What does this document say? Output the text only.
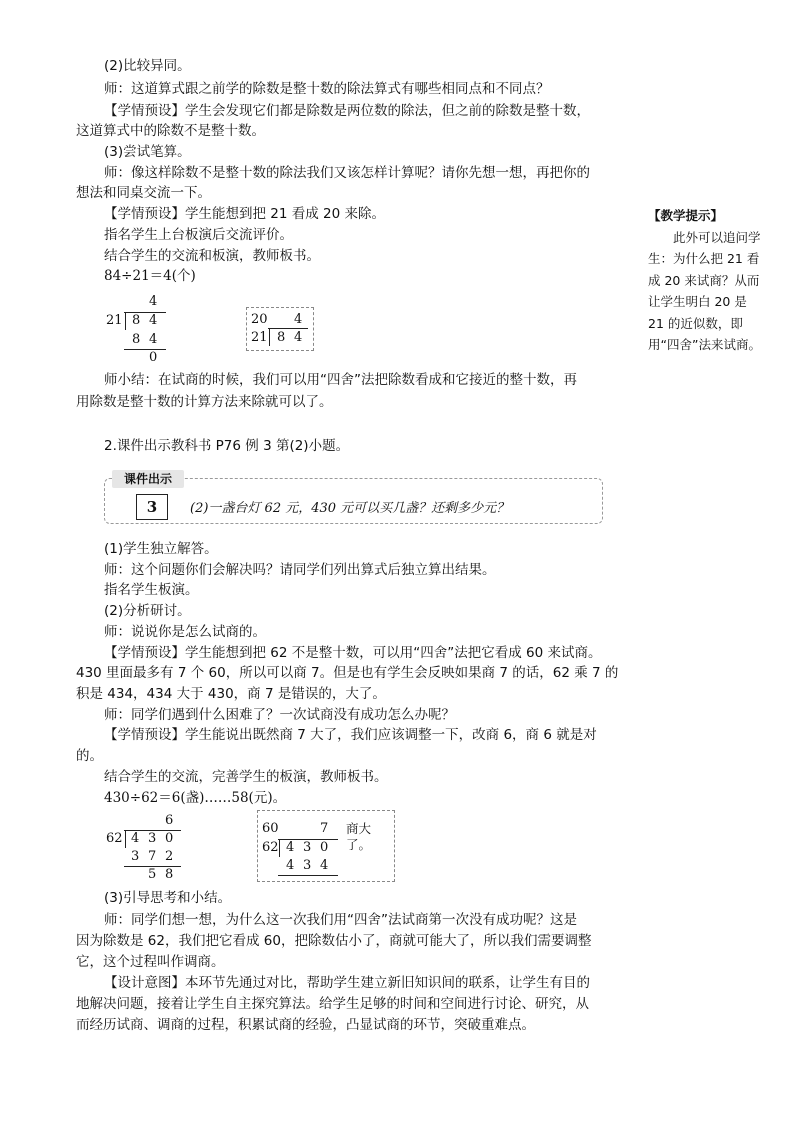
(2)比较异同。
师：这道算式跟之前学的除数是整十数的除法算式有哪些相同点和不同点？
【学情预设】学生会发现它们都是除数是两位数的除法，但之前的除数是整十数，
这道算式中的除数不是整十数。
(3)尝试笔算。
师：像这样除数不是整十数的除法我们又该怎样计算呢？请你先想一想，再把你的
想法和同桌交流一下。
【学情预设】学生能想到把 21 看成 20 来除。
指名学生上台板演后交流评价。
结合学生的交流和板演，教师板书。
84÷21＝4(个)
4
21 8 4
8 4
0
20 4
21 8 4
师小结：在试商的时候，我们可以用“四舍”法把除数看成和它接近的整十数，再
用除数是整十数的计算方法来除就可以了。
【教学提示】
此外可以追问学生：为什么把 21 看成 20 来试商？从而让学生明白 20 是 21 的近似数，即用“四舍”法来试商。
2.课件出示教科书 P76 例 3 第(2)小题。
课件出示
3	(2)一盏台灯 62 元，430 元可以买几盏？还剩多少元？
(1)学生独立解答。
师：这个问题你们会解决吗？请同学们列出算式后独立算出结果。
指名学生板演。
(2)分析研讨。
师：说说你是怎么试商的。
【学情预设】学生能想到把 62 不是整十数，可以用“四舍”法把它看成 60 来试商。
430 里面最多有 7 个 60，所以可以商 7。但是也有学生会反映如果商 7 的话，62 乘 7 的
积是 434，434 大于 430，商 7 是错误的，大了。
师：同学们遇到什么困难了？一次试商没有成功怎么办呢？
【学情预设】学生能说出既然商 7 大了，我们应该调整一下，改商 6，商 6 就是对
的。
结合学生的交流，完善学生的板演，教师板书。
430÷62＝6(盏)……58(元)。
6
62 4 3 0
3 7 2
5 8
60	7 商大了。
62 4 3 0
4 3 4
(3)引导思考和小结。
师：同学们想一想，为什么这一次我们用“四舍”法试商第一次没有成功呢？这是
因为除数是 62，我们把它看成 60，把除数估小了，商就可能大了，所以我们需要调整
它，这个过程叫作调商。
【设计意图】本环节先通过对比，帮助学生建立新旧知识间的联系，让学生有目的
地解决问题，接着让学生自主探究算法。给学生足够的时间和空间进行讨论、研究，从
而经历试商、调商的过程，积累试商的经验，凸显试商的环节，突破重难点。
